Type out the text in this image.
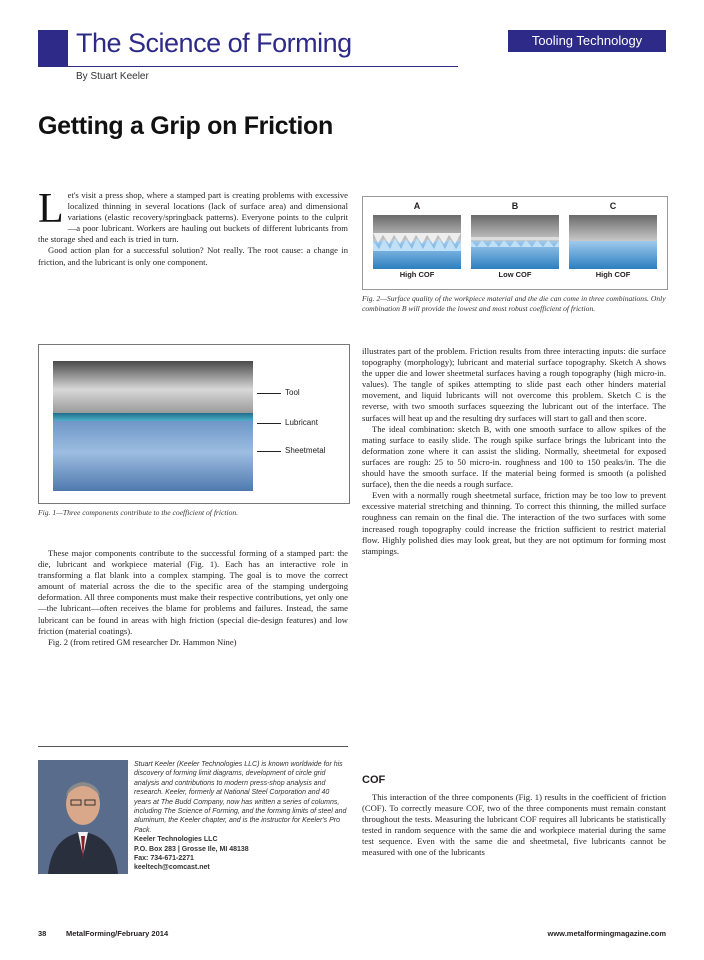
The Science of Forming
By Stuart Keeler
Tooling Technology
Getting a Grip on Friction
L et's visit a press shop, where a stamped part is creating problems with excessive localized thinning in several locations (lack of surface area) and dimensional variations (elastic recovery/springback patterns). Everyone points to the culprit—a poor lubricant. Workers are hauling out buckets of different lubricants from the storage shed and each is tried in turn.

Good action plan for a successful solution? Not really. The root cause: a change in friction, and the lubricant is only one component.

Tool
Lubricant
Sheetmetal
Fig. 1—Three components contribute to the coefficient of friction.

These major components contribute to the successful forming of a stamped part: the die, lubricant and workpiece material (Fig. 1). Each has an interactive role in transforming a flat blank into a complex stamping. The goal is to move the correct amount of material across the die to the specific area of the stamping undergoing deformation. All three components must make their respective contributions, yet only one—the lubricant—often receives the blame for problems and failures. Instead, the same lubricant can be found in areas with high friction (special die-design features) and low friction (material coatings).

Fig. 2 (from retired GM researcher Dr. Hammon Nine)

Stuart Keeler (Keeler Technologies LLC) is known worldwide for his discovery of forming limit diagrams, development of circle grid analysis and contributions to modern press-shop analysis and research. Keeler, formerly at National Steel Corporation and 40 years at The Budd Company, now has written a series of columns, including The Science of Forming, and the forming limits of steel and aluminum, the Keeler chapter, and is the instructor for Keeler's Pro Pack.
Keeler Technologies LLC
P.O. Box 283 | Grosse Ile, MI 48138
Fax: 734-671-2271
keeltech@comcast.net
A
High COF
B
Low COF
C
High COF
Fig. 2—Surface quality of the workpiece material and the die can come in three combinations. Only combination B will provide the lowest and most robust coefficient of friction.

illustrates part of the problem. Friction results from three interacting inputs: die surface topography (morphology); lubricant and material surface topography. Sketch A shows the upper die and lower sheetmetal surfaces having a rough topography (high micro-in. values). The tangle of spikes attempting to slide past each other hinders material movement, and liquid lubricants will not overcome this problem. Sketch C is the reverse, with two smooth surfaces squeezing the lubricant out of the interface. The surfaces will heat up and the resulting dry surfaces will start to gall and then score.

The ideal combination: sketch B, with one smooth surface to allow spikes of the mating surface to easily slide. The rough spike surface brings the lubricant into the deformation zone where it can assist the sliding. Normally, sheetmetal for exposed surfaces are rough: 25 to 50 micro-in. roughness and 100 to 150 peaks/in. The die should have the smooth surface. If the material being formed is smooth (a polished surface), then the die needs a rough surface.

Even with a normally rough sheetmetal surface, friction may be too low to prevent excessive material stretching and thinning. To correct this thinning, the milled surface roughness can remain on the final die. The interaction of the two surfaces with some increased rough topography could increase the friction sufficient to restrict material flow. Highly polished dies may look great, but they are not optimum for forming most stampings.

COF

This interaction of the three components (Fig. 1) results in the coefficient of friction (COF). To correctly measure COF, two of the three components must remain constant throughout the tests. Measuring the lubricant COF requires all lubricants be statistically tested in random sequence with the same die and workpiece material during the same test sequence. Even with the same die and sheetmetal, five lubricants cannot be measured with one of the lubricants

38	MetalForming/February 2014	www.metalformingmagazine.com
